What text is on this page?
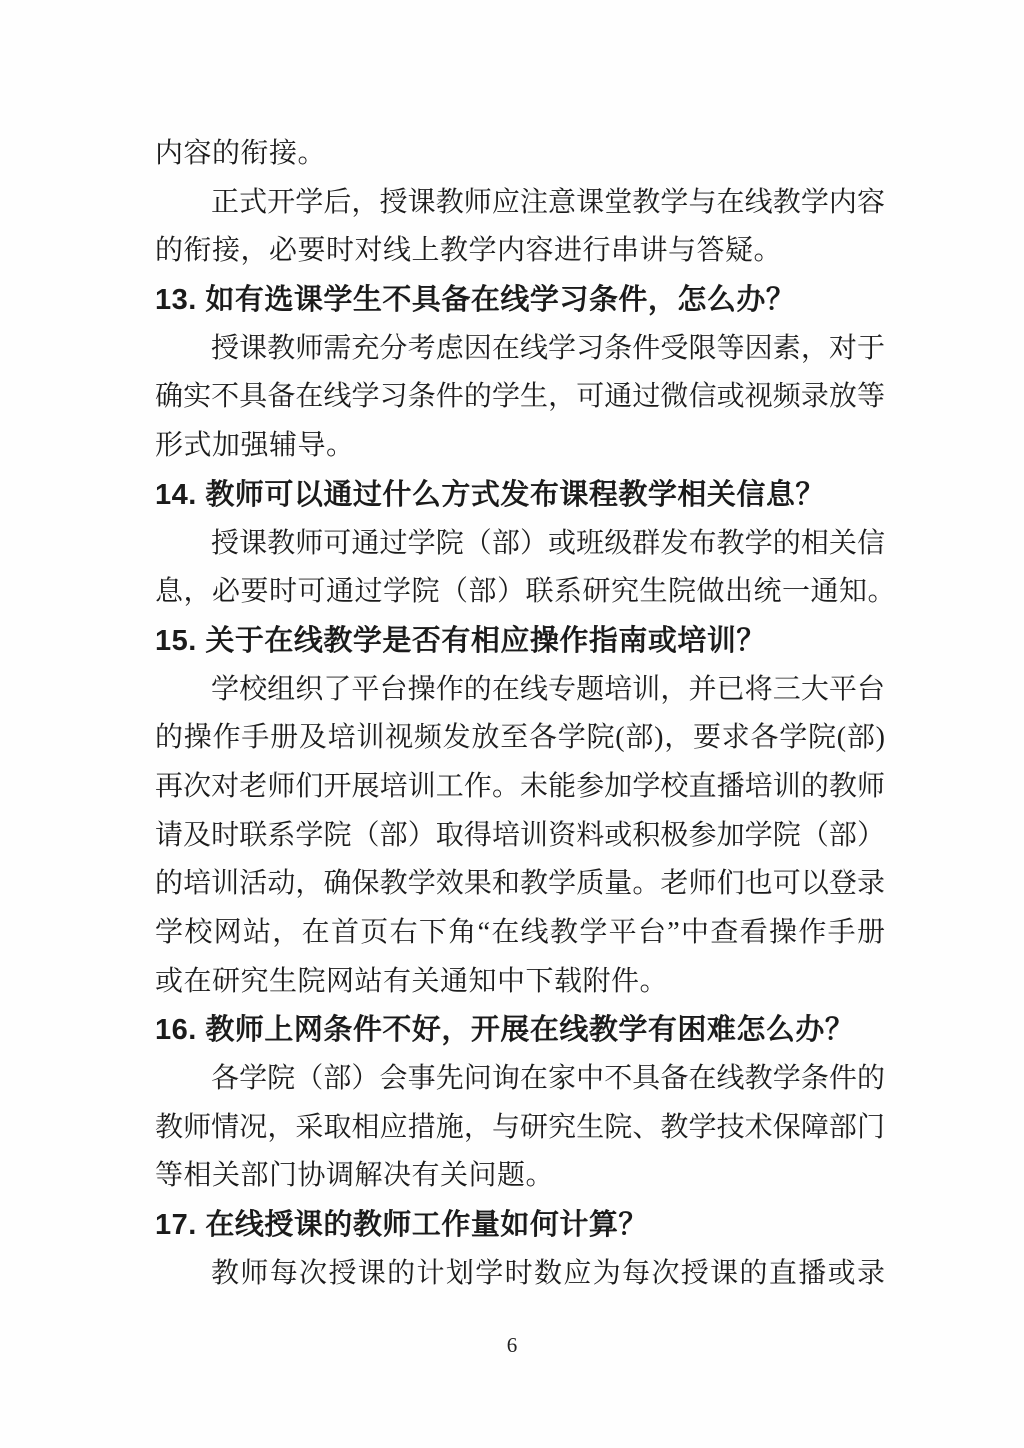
内容的衔接。
正式开学后，授课教师应注意课堂教学与在线教学内容
的衔接，必要时对线上教学内容进行串讲与答疑。
13. 如有选课学生不具备在线学习条件，怎么办？
授课教师需充分考虑因在线学习条件受限等因素，对于
确实不具备在线学习条件的学生，可通过微信或视频录放等
形式加强辅导。
14. 教师可以通过什么方式发布课程教学相关信息？
授课教师可通过学院（部）或班级群发布教学的相关信
息，必要时可通过学院（部）联系研究生院做出统一通知。
15. 关于在线教学是否有相应操作指南或培训？
学校组织了平台操作的在线专题培训，并已将三大平台
的操作手册及培训视频发放至各学院(部)，要求各学院(部)
再次对老师们开展培训工作。未能参加学校直播培训的教师
请及时联系学院（部）取得培训资料或积极参加学院（部）
的培训活动，确保教学效果和教学质量。老师们也可以登录
学校网站，在首页右下角“在线教学平台”中查看操作手册
或在研究生院网站有关通知中下载附件。
16. 教师上网条件不好，开展在线教学有困难怎么办？
各学院（部）会事先问询在家中不具备在线教学条件的
教师情况，采取相应措施，与研究生院、教学技术保障部门
等相关部门协调解决有关问题。
17. 在线授课的教师工作量如何计算？
教师每次授课的计划学时数应为每次授课的直播或录
6
